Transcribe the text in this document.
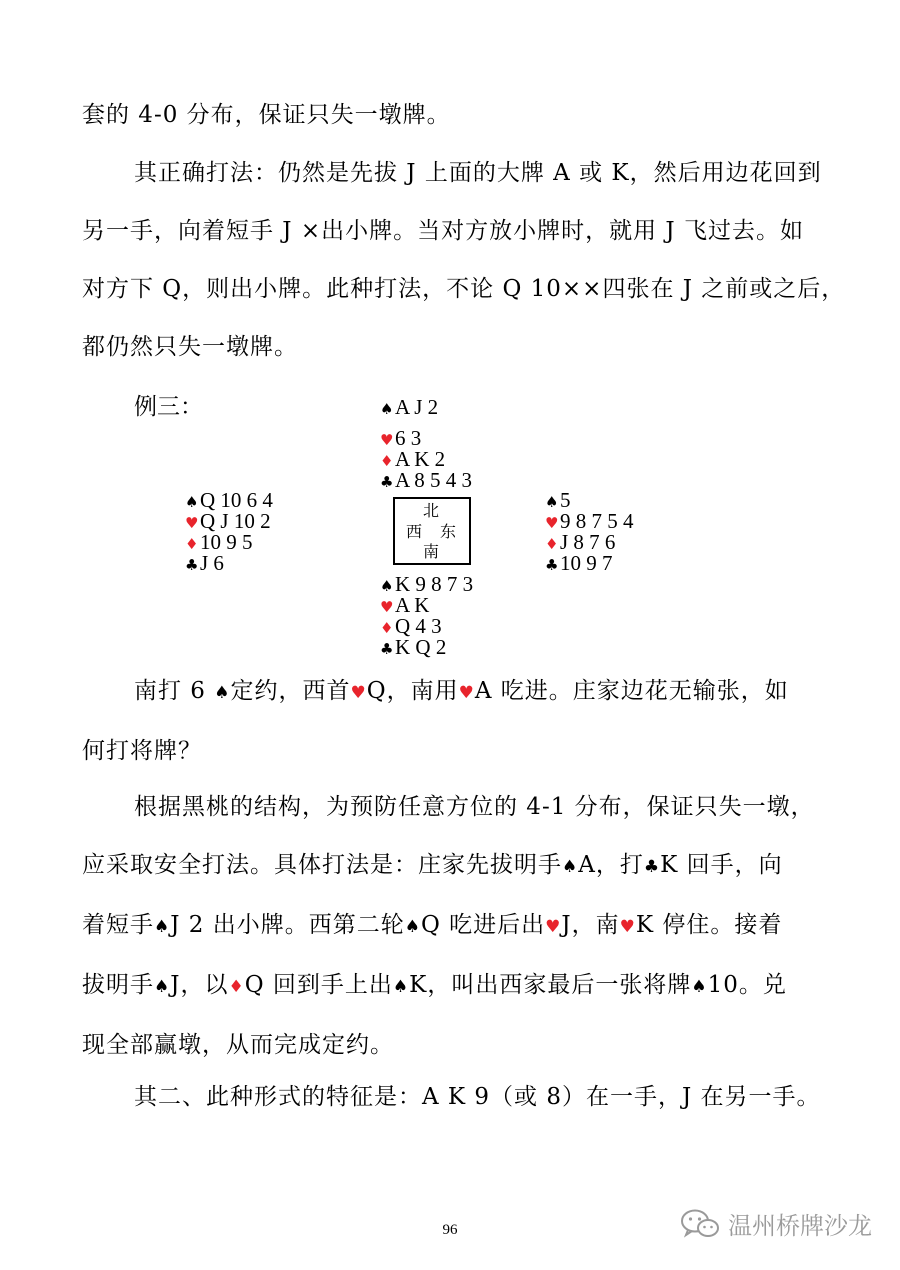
套的 4-0 分布，保证只失一墩牌。

其正确打法：仍然是先拔 J 上面的大牌 A 或 K，然后用边花回到
另一手，向着短手 J ×出小牌。当对方放小牌时，就用 J 飞过去。如
对方下 Q，则出小牌。此种打法，不论 Q 10××四张在 J 之前或之后，
都仍然只失一墩牌。

例三：	♠A J 2
♥6 3
♦A K 2
♣A 8 5 4 3
♠Q 10 6 4
♥Q J 10 2
♦10 9 5
♣J 6
北
西 东
南
♠5
♥9 8 7 5 4
♦J 8 7 6
♣10 9 7
♠K 9 8 7 3
♥A K
♦Q 4 3
♣K Q 2

南打 6 ♠定约，西首♥Q，南用♥A 吃进。庄家边花无输张，如
何打将牌？

根据黑桃的结构，为预防任意方位的 4-1 分布，保证只失一墩，
应采取安全打法。具体打法是：庄家先拔明手♠A，打♣K 回手，向
着短手♠J 2 出小牌。西第二轮♠Q 吃进后出♥J，南♥K 停住。接着
拔明手♠J，以♦Q 回到手上出♠K，叫出西家最后一张将牌♠10。兑
现全部赢墩，从而完成定约。

其二、此种形式的特征是：A K 9（或 8）在一手，J 在另一手。

96	温州桥牌沙龙
